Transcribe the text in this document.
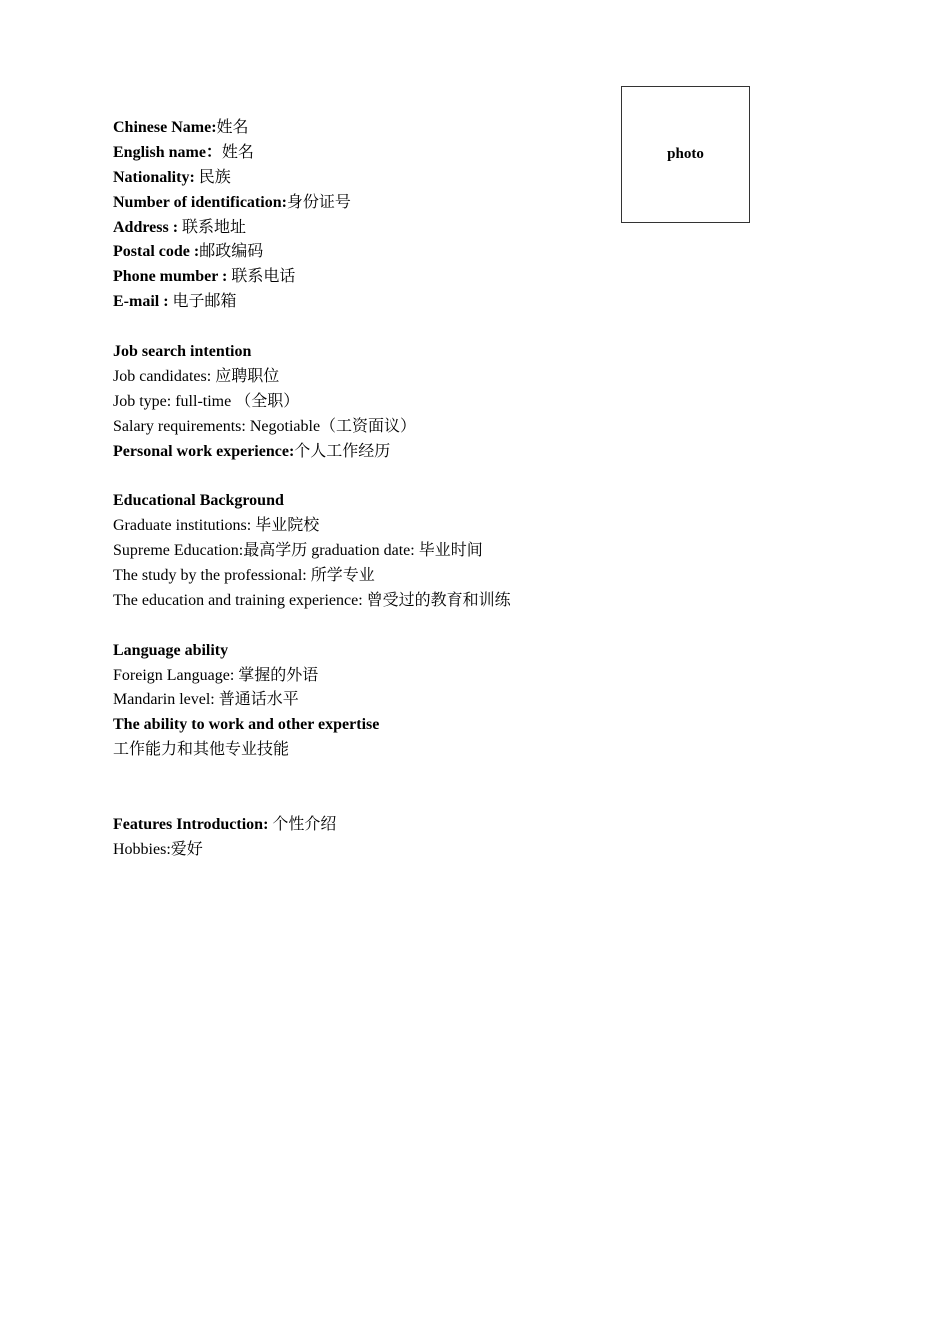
photo
Chinese Name:姓名
English name：姓名
Nationality: 民族
Number of identification:身份证号
Address : 联系地址
Postal code :邮政编码
Phone mumber : 联系电话
E-mail : 电子邮箱
Job search intention
Job candidates: 应聘职位
Job type: full-time （全职）
Salary requirements: Negotiable（工资面议）
Personal work experience:个人工作经历
Educational Background
Graduate institutions: 毕业院校
Supreme Education:最高学历 graduation date: 毕业时间
The study by the professional: 所学专业
The education and training experience: 曾受过的教育和训练
Language ability
Foreign Language: 掌握的外语
Mandarin level: 普通话水平
The ability to work and other expertise
工作能力和其他专业技能
Features Introduction: 个性介绍
Hobbies:爱好
